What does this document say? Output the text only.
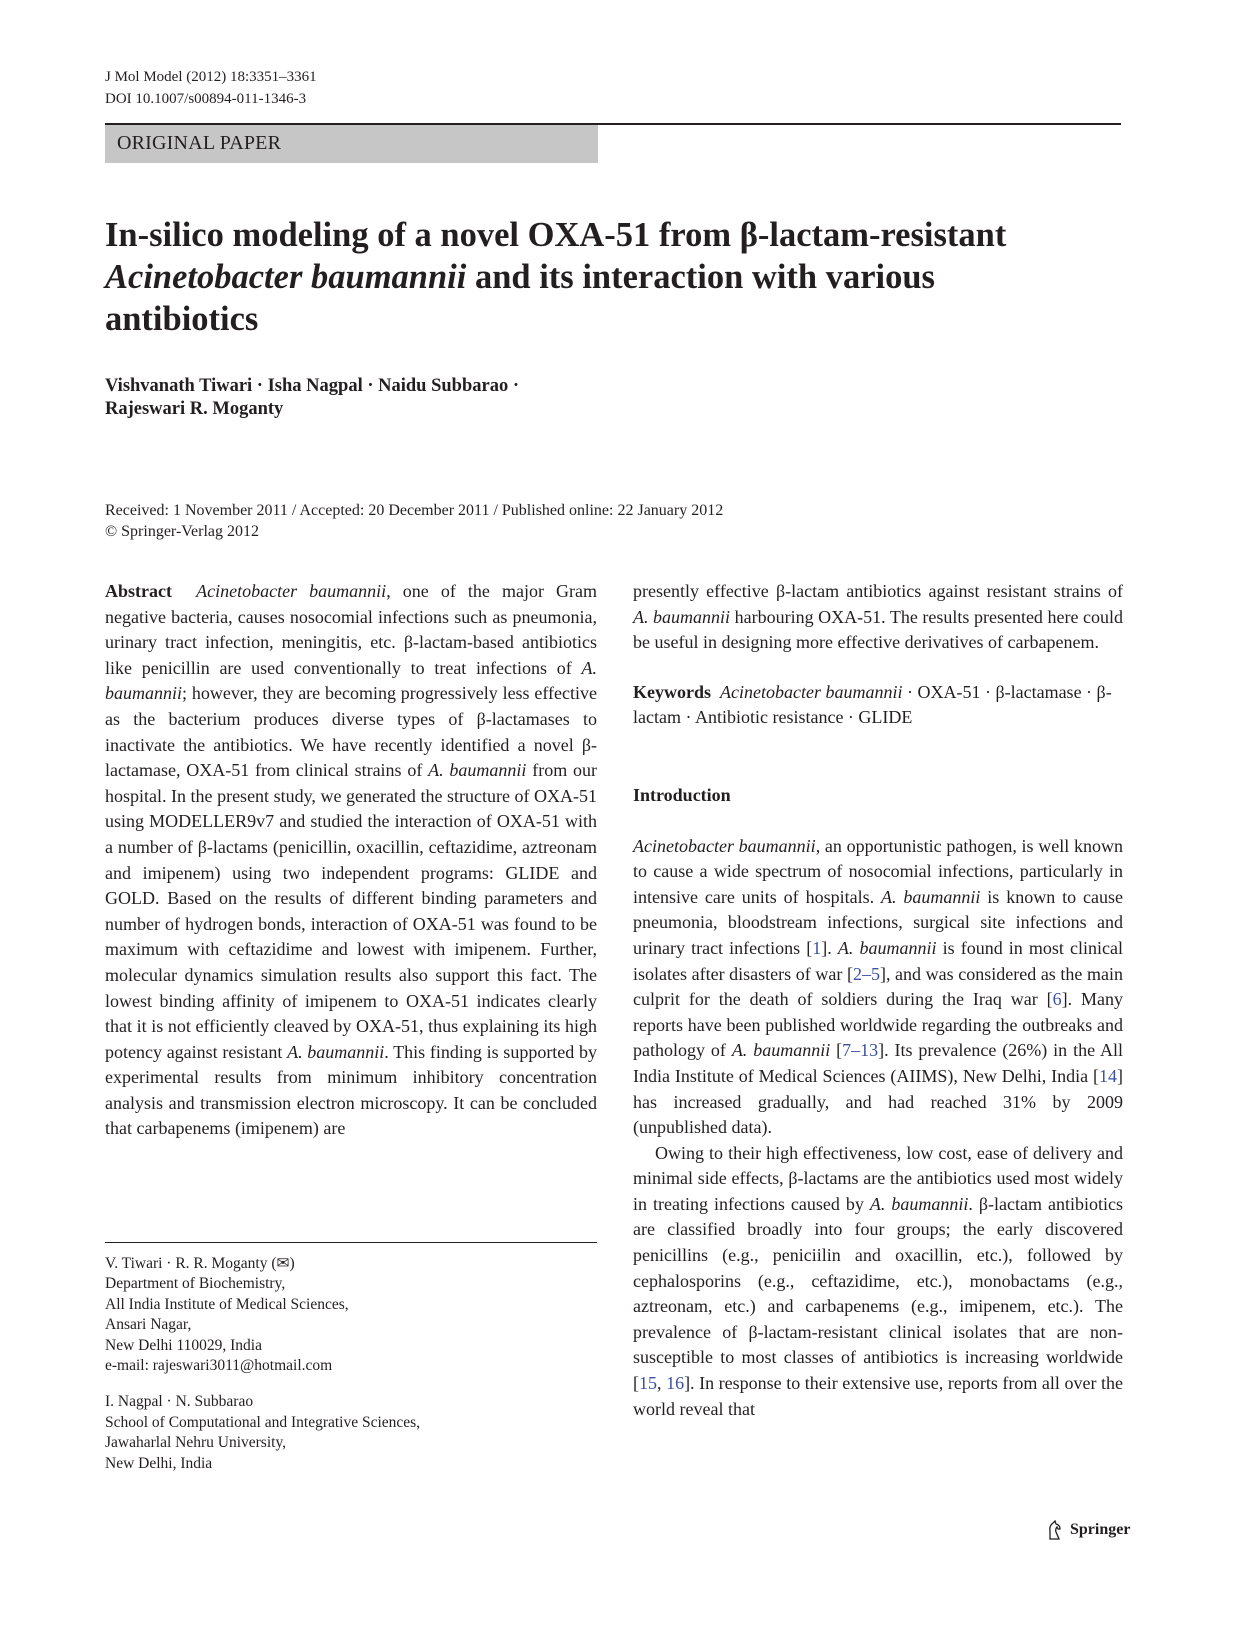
J Mol Model (2012) 18:3351–3361
DOI 10.1007/s00894-011-1346-3
ORIGINAL PAPER
In-silico modeling of a novel OXA-51 from β-lactam-resistant
Acinetobacter baumannii and its interaction with various
antibiotics
Vishvanath Tiwari · Isha Nagpal · Naidu Subbarao ·
Rajeswari R. Moganty
Received: 1 November 2011 / Accepted: 20 December 2011 / Published online: 22 January 2012
© Springer-Verlag 2012

Abstract Acinetobacter baumannii, one of the major Gram negative bacteria, causes nosocomial infections such as pneumonia, urinary tract infection, meningitis, etc. β-lactam-based antibiotics like penicillin are used conventionally to treat infections of A. baumannii; however, they are becoming progressively less effective as the bacterium produces diverse types of β-lactamases to inactivate the antibiotics. We have recently identified a novel β-lactamase, OXA-51 from clinical strains of A. baumannii from our hospital. In the present study, we generated the structure of OXA-51 using MODELLER9v7 and studied the interaction of OXA-51 with a number of β-lactams (penicillin, oxacillin, ceftazidime, aztreonam and imipenem) using two independent programs: GLIDE and GOLD. Based on the results of different binding parameters and number of hydrogen bonds, interaction of OXA-51 was found to be maximum with ceftazidime and lowest with imipenem. Further, molecular dynamics simulation results also support this fact. The lowest binding affinity of imipenem to OXA-51 indicates clearly that it is not efficiently cleaved by OXA-51, thus explaining its high potency against resistant A. baumannii. This finding is supported by experimental results from minimum inhibitory concentration analysis and transmission electron microscopy. It can be concluded that carbapenems (imipenem) are

V. Tiwari · R. R. Moganty (✉)
Department of Biochemistry,
All India Institute of Medical Sciences,
Ansari Nagar,
New Delhi 110029, India
e-mail: rajeswari3011@hotmail.com

I. Nagpal · N. Subbarao
School of Computational and Integrative Sciences,
Jawaharlal Nehru University,
New Delhi, India

presently effective β-lactam antibiotics against resistant strains of A. baumannii harbouring OXA-51. The results presented here could be useful in designing more effective derivatives of carbapenem.

Keywords Acinetobacter baumannii · OXA-51 · β-lactamase · β-lactam · Antibiotic resistance · GLIDE

Introduction

Acinetobacter baumannii, an opportunistic pathogen, is well known to cause a wide spectrum of nosocomial infections, particularly in intensive care units of hospitals. A. baumannii is known to cause pneumonia, bloodstream infections, surgical site infections and urinary tract infections [1]. A. baumannii is found in most clinical isolates after disasters of war [2–5], and was considered as the main culprit for the death of soldiers during the Iraq war [6]. Many reports have been published worldwide regarding the outbreaks and pathology of A. baumannii [7–13]. Its prevalence (26%) in the All India Institute of Medical Sciences (AIIMS), New Delhi, India [14] has increased gradually, and had reached 31% by 2009 (unpublished data).

Owing to their high effectiveness, low cost, ease of delivery and minimal side effects, β-lactams are the antibiotics used most widely in treating infections caused by A. baumannii. β-lactam antibiotics are classified broadly into four groups; the early discovered penicillins (e.g., peniciilin and oxacillin, etc.), followed by cephalosporins (e.g., ceftazidime, etc.), monobactams (e.g., aztreonam, etc.) and carbapenems (e.g., imipenem, etc.). The prevalence of β-lactam-resistant clinical isolates that are non-susceptible to most classes of antibiotics is increasing worldwide [15, 16]. In response to their extensive use, reports from all over the world reveal that

Springer
